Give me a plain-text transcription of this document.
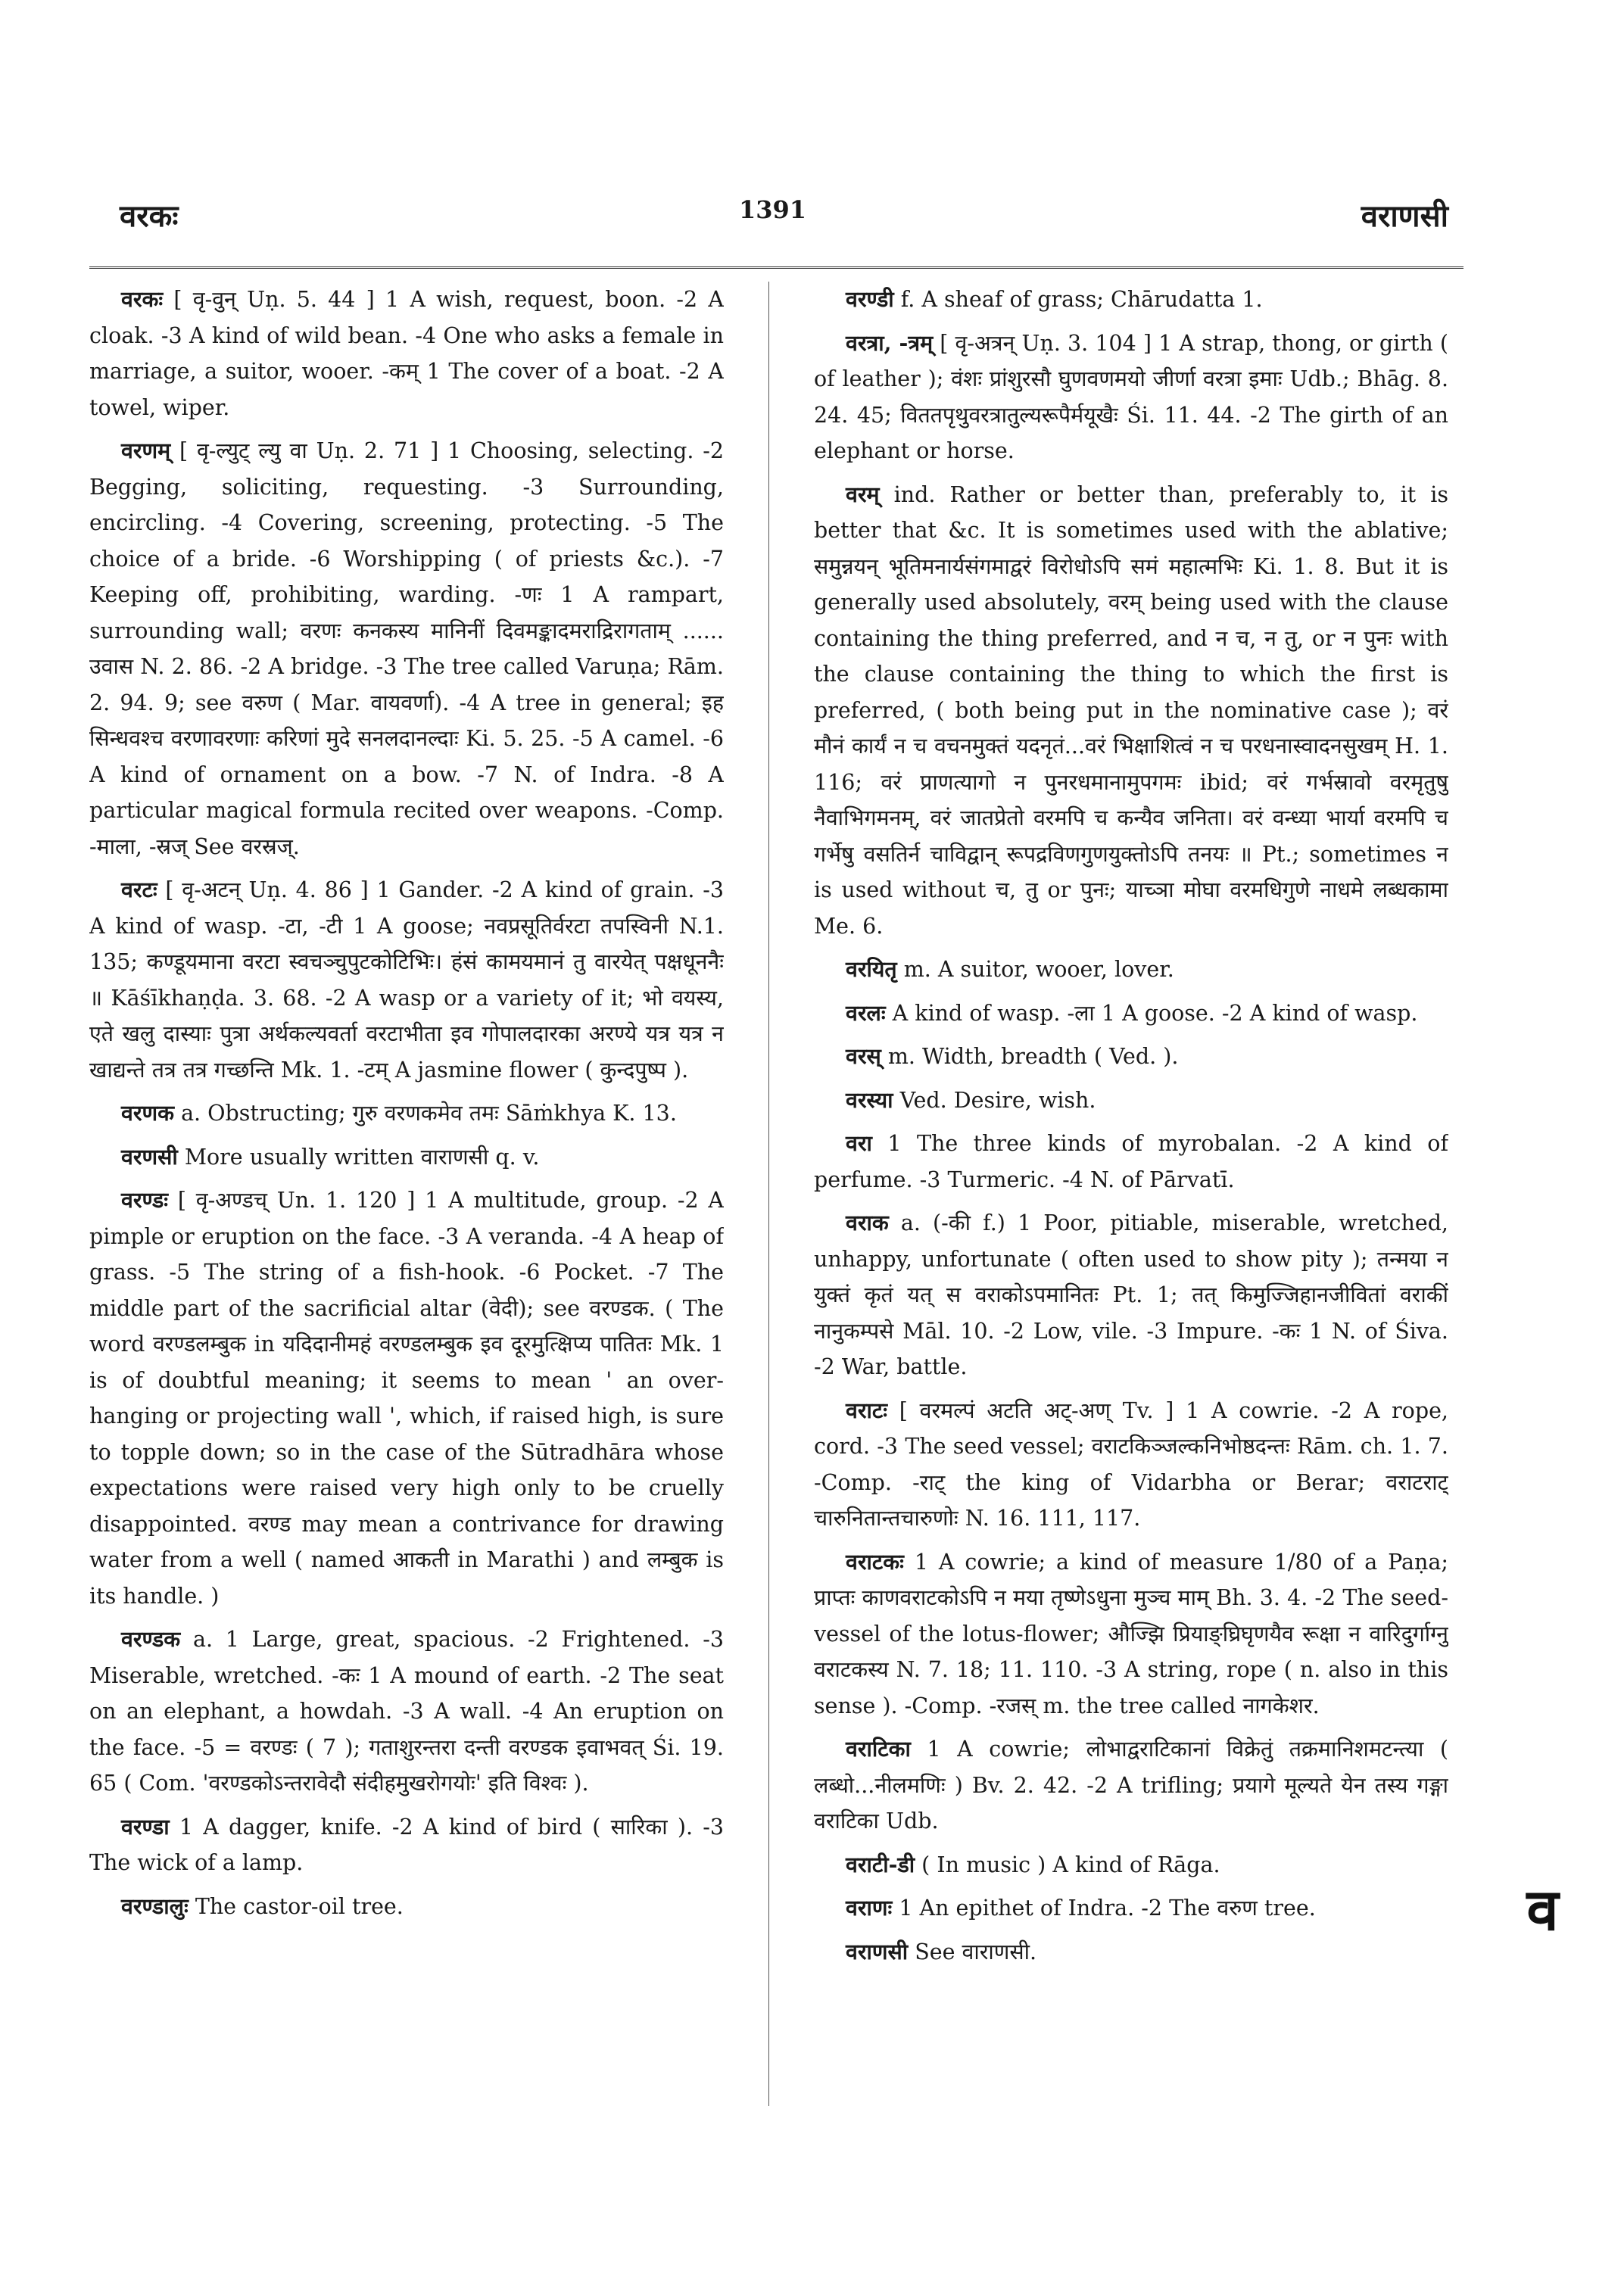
वरकः	1391	वराणसी

वरकः [ वृ-वुन् Uṇ. 5. 44 ] 1 A wish, request, boon. -2 A cloak. -3 A kind of wild bean. -4 One who asks a female in marriage, a suitor, wooer. -कम् 1 The cover of a boat. -2 A towel, wiper.

वरणम् [ वृ-ल्युट् ल्यु वा Uṇ. 2. 71 ] 1 Choosing, selecting. -2 Begging, soliciting, requesting. -3 Surrounding, encircling. -4 Covering, screening, protecting. -5 The choice of a bride. -6 Worshipping ( of priests &c.). -7 Keeping off, prohibiting, warding. -णः 1 A rampart, surrounding wall; वरणः कनकस्य मानिनीं दिवमङ्कादमराद्रिरागताम् ...... उवास N. 2. 86. -2 A bridge. -3 The tree called Varuṇa; Rām. 2. 94. 9; see वरुण ( Mar. वायवर्णा). -4 A tree in general; इह सिन्धवश्च वरणावरणाः करिणां मुदे सनलदानल्दाः Ki. 5. 25. -5 A camel. -6 A kind of ornament on a bow. -7 N. of Indra. -8 A particular magical formula recited over weapons. -Comp. -माला, -स्रज् See वरस्रज्.

वरटः [ वृ-अटन् Uṇ. 4. 86 ] 1 Gander. -2 A kind of grain. -3 A kind of wasp. -टा, -टी 1 A goose; नवप्रसूतिर्वरटा तपस्विनी N.1. 135; कण्डूयमाना वरटा स्वचञ्चुपुटकोटिभिः। हंसं कामयमानं तु वारयेत् पक्षधूननैः ॥ Kāśīkhaṇḍa. 3. 68. -2 A wasp or a variety of it; भो वयस्य, एते खलु दास्याः पुत्रा अर्थकल्यवर्ता वरटाभीता इव गोपालदारका अरण्ये यत्र यत्र न खाद्यन्ते तत्र तत्र गच्छन्ति Mk. 1. -टम् A jasmine flower ( कुन्दपुष्प ).

वरणक a. Obstructing; गुरु वरणकमेव तमः Sāṁkhya K. 13.

वरणसी More usually written वाराणसी q. v.

वरण्डः [ वृ-अण्डच् Un. 1. 120 ] 1 A multitude, group. -2 A pimple or eruption on the face. -3 A veranda. -4 A heap of grass. -5 The string of a fish-hook. -6 Pocket. -7 The middle part of the sacrificial altar (वेदी); see वरण्डक. ( The word वरण्डलम्बुक in यदिदानीमहं वरण्डलम्बुक इव दूरमुत्क्षिप्य पातितः Mk. 1 is of doubtful meaning; it seems to mean ' an over-hanging or projecting wall ', which, if raised high, is sure to topple down; so in the case of the Sūtradhāra whose expectations were raised very high only to be cruelly disappointed. वरण्ड may mean a contrivance for drawing water from a well ( named आकती in Marathi ) and लम्बुक is its handle. )

वरण्डक a. 1 Large, great, spacious. -2 Frightened. -3 Miserable, wretched. -कः 1 A mound of earth. -2 The seat on an elephant, a howdah. -3 A wall. -4 An eruption on the face. -5 = वरण्डः ( 7 ); गताशुरन्तरा दन्ती वरण्डक इवाभवत् Śi. 19. 65 ( Com. 'वरण्डकोऽन्तरावेदौ संदीहमुखरोगयोः' इति विश्वः ).

वरण्डा 1 A dagger, knife. -2 A kind of bird ( सारिका ). -3 The wick of a lamp.

वरण्डालुः The castor-oil tree.

वरण्डी f. A sheaf of grass; Chārudatta 1.

वरत्रा, -त्रम् [ वृ-अत्रन् Uṇ. 3. 104 ] 1 A strap, thong, or girth ( of leather ); वंशः प्रांशुरसौ घुणवणमयो जीर्णा वरत्रा इमाः Udb.; Bhāg. 8. 24. 45; विततपृथुवरत्रातुल्यरूपैर्मयूखैः Śi. 11. 44. -2 The girth of an elephant or horse.

वरम् ind. Rather or better than, preferably to, it is better that &c. It is sometimes used with the ablative; समुन्नयन् भूतिमनार्यसंगमाद्वरं विरोधोऽपि समं महात्मभिः Ki. 1. 8. But it is generally used absolutely, वरम् being used with the clause containing the thing preferred, and न च, न तु, or न पुनः with the clause containing the thing to which the first is preferred, ( both being put in the nominative case ); वरं मौनं कार्यं न च वचनमुक्तं यदनृतं...वरं भिक्षाशित्वं न च परधनास्वादनसुखम् H. 1. 116; वरं प्राणत्यागो न पुनरधमानामुपगमः ibid; वरं गर्भस्रावो वरमृतुषु नैवाभिगमनम्, वरं जातप्रेतो वरमपि च कन्यैव जनिता। वरं वन्ध्या भार्या वरमपि च गर्भेषु वसतिर्न चाविद्वान् रूपद्रविणगुणयुक्तोऽपि तनयः ॥ Pt.; sometimes न is used without च, तु or पुनः; याच्ञा मोघा वरमधिगुणे नाधमे लब्धकामा Me. 6.

वरयितृ m. A suitor, wooer, lover.

वरलः A kind of wasp. -ला 1 A goose. -2 A kind of wasp.

वरस् m. Width, breadth ( Ved. ).

वरस्या Ved. Desire, wish.

वरा 1 The three kinds of myrobalan. -2 A kind of perfume. -3 Turmeric. -4 N. of Pārvatī.

वराक a. (-की f.) 1 Poor, pitiable, miserable, wretched, unhappy, unfortunate ( often used to show pity ); तन्मया न युक्तं कृतं यत् स वराकोऽपमानितः Pt. 1; तत् किमुज्जिहानजीवितां वराकीं नानुकम्पसे Māl. 10. -2 Low, vile. -3 Impure. -कः 1 N. of Śiva. -2 War, battle.

वराटः [ वरमल्पं अटति अट्-अण् Tv. ] 1 A cowrie. -2 A rope, cord. -3 The seed vessel; वराटकिञ्जल्कनिभोष्ठदन्तः Rām. ch. 1. 7. -Comp. -राट् the king of Vidarbha or Berar; वराटराट् चारुनितान्तचारुणोः N. 16. 111, 117.

वराटकः 1 A cowrie; a kind of measure 1/80 of a Paṇa; प्राप्तः काणवराटकोऽपि न मया तृष्णेऽधुना मुञ्च माम् Bh. 3. 4. -2 The seed-vessel of the lotus-flower; औज्झि प्रियाङ्घ्रिघृणयैव रूक्षा न वारिदुर्गाग्नु वराटकस्य N. 7. 18; 11. 110. -3 A string, rope ( n. also in this sense ). -Comp. -रजस् m. the tree called नागकेशर.

वराटिका 1 A cowrie; लोभाद्वराटिकानां विक्रेतुं तक्रमानिशमटन्त्या ( लब्धो...नीलमणिः ) Bv. 2. 42. -2 A trifling; प्रयागे मूल्यते येन तस्य गङ्गा वराटिका Udb.

वराटी-डी ( In music ) A kind of Rāga.

वराणः 1 An epithet of Indra. -2 The वरुण tree.

वराणसी See वाराणसी.

व
